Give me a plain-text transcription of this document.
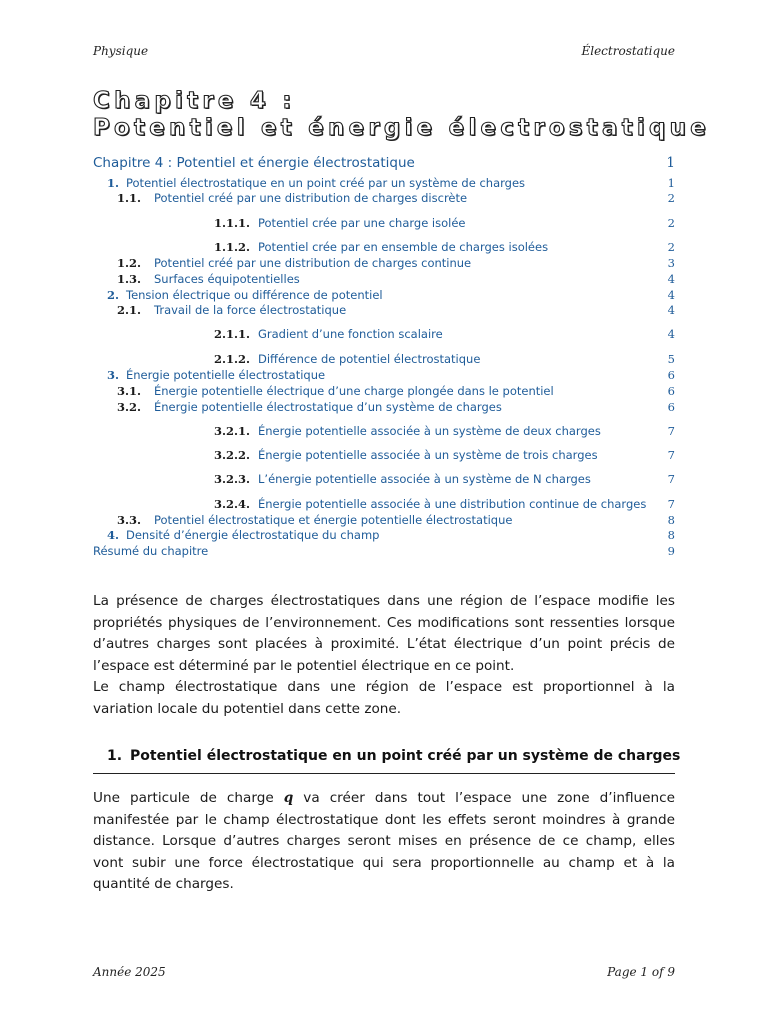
Physique	Électrostatique
Chapitre 4 :
Potentiel et énergie électrostatique
Chapitre 4 : Potentiel et énergie électrostatique	1
1. Potentiel électrostatique en un point créé par un système de charges	1
1.1. Potentiel créé par une distribution de charges discrète	2
1.1.1. Potentiel crée par une charge isolée	2
1.1.2. Potentiel crée par en ensemble de charges isolées	2
1.2. Potentiel créé par une distribution de charges continue	3
1.3. Surfaces équipotentielles	4
2. Tension électrique ou différence de potentiel	4
2.1. Travail de la force électrostatique	4
2.1.1. Gradient d’une fonction scalaire	4
2.1.2. Différence de potentiel électrostatique	5
3. Énergie potentielle électrostatique	6
3.1. Énergie potentielle électrique d’une charge plongée dans le potentiel	6
3.2. Énergie potentielle électrostatique d’un système de charges	6
3.2.1. Énergie potentielle associée à un système de deux charges	7
3.2.2. Énergie potentielle associée à un système de trois charges	7
3.2.3. L’énergie potentielle associée à un système de N charges	7
3.2.4. Énergie potentielle associée à une distribution continue de charges 7
3.3. Potentiel électrostatique et énergie potentielle électrostatique	8
4. Densité d’énergie électrostatique du champ	8
Résumé du chapitre	9
La présence de charges électrostatiques dans une région de l’espace modifie les propriétés physiques de l’environnement. Ces modifications sont ressenties lorsque d’autres charges sont placées à proximité. L’état électrique d’un point précis de l’espace est déterminé par le potentiel électrique en ce point.
Le champ électrostatique dans une région de l’espace est proportionnel à la variation locale du potentiel dans cette zone.
1. Potentiel électrostatique en un point créé par un système de charges
Une particule de charge q va créer dans tout l’espace une zone d’influence manifestée par le champ électrostatique dont les effets seront moindres à grande distance. Lorsque d’autres charges seront mises en présence de ce champ, elles vont subir une force électrostatique qui sera proportionnelle au champ et à la quantité de charges.
Année 2025	Page 1 of 9
